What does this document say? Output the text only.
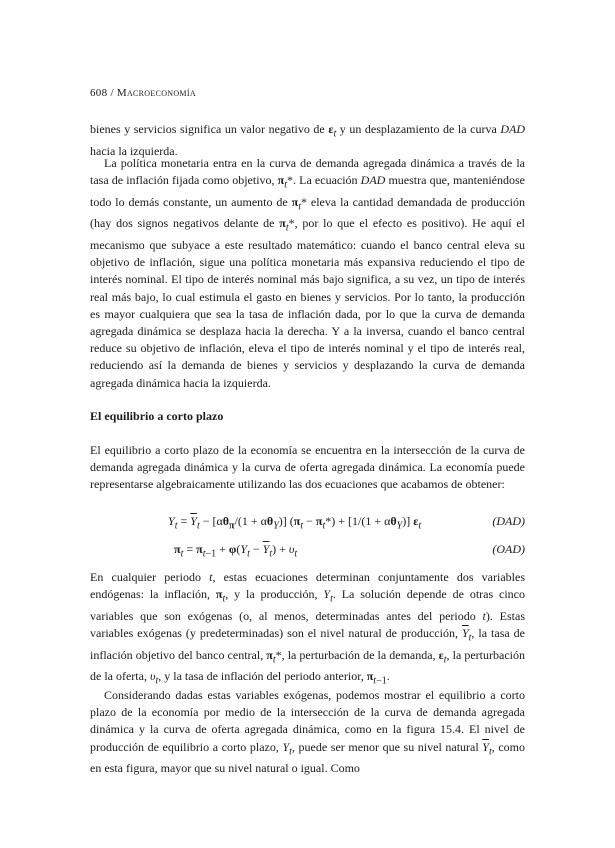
608 / Macroeconomía
bienes y servicios significa un valor negativo de $\varepsilon_t$ y un desplazamiento de la curva DAD hacia la izquierda.
La política monetaria entra en la curva de demanda agregada dinámica a través de la tasa de inflación fijada como objetivo, $\pi_t*$. La ecuación DAD muestra que, manteniéndose todo lo demás constante, un aumento de $\pi_t*$ eleva la cantidad demandada de producción (hay dos signos negativos delante de $\pi_t*$, por lo que el efecto es positivo). He aquí el mecanismo que subyace a este resultado matemático: cuando el banco central eleva su objetivo de inflación, sigue una política monetaria más expansiva reduciendo el tipo de interés nominal. El tipo de interés nominal más bajo significa, a su vez, un tipo de interés real más bajo, lo cual estimula el gasto en bienes y servicios. Por lo tanto, la producción es mayor cualquiera que sea la tasa de inflación dada, por lo que la curva de demanda agregada dinámica se desplaza hacia la derecha. Y a la inversa, cuando el banco central reduce su objetivo de inflación, eleva el tipo de interés nominal y el tipo de interés real, reduciendo así la demanda de bienes y servicios y desplazando la curva de demanda agregada dinámica hacia la izquierda.
El equilibrio a corto plazo
El equilibrio a corto plazo de la economía se encuentra en la intersección de la curva de demanda agregada dinámica y la curva de oferta agregada dinámica. La economía puede representarse algebraicamente utilizando las dos ecuaciones que acabamos de obtener:
$Y_t = \overline{Y}_t - [\alpha\theta_\pi/(1 + \alpha\theta_Y)] (\pi_t - \pi_t*) + [1/(1 + \alpha\theta_Y)]$ $\varepsilon_t$	(DAD)
$\pi_t = \pi_{t-1} + \varphi(Y_t - \overline{Y}_t) + \upsilon_t$	(OAD)
En cualquier periodo t, estas ecuaciones determinan conjuntamente dos variables endógenas: la inflación, $\pi_t$, y la producción, $Y_t$. La solución depende de otras cinco variables que son exógenas (o, al menos, determinadas antes del periodo t). Estas variables exógenas (y predeterminadas) son el nivel natural de producción, $\overline{Y}_t$, la tasa de inflación objetivo del banco central, $\pi_t*$, la perturbación de la demanda, $\varepsilon_t$, la perturbación de la oferta, $\upsilon_t$, y la tasa de inflación del periodo anterior, $\pi_{t-1}$.
Considerando dadas estas variables exógenas, podemos mostrar el equilibrio a corto plazo de la economía por medio de la intersección de la curva de demanda agregada dinámica y la curva de oferta agregada dinámica, como en la figura 15.4. El nivel de producción de equilibrio a corto plazo, $Y_t$, puede ser menor que su nivel natural $\overline{Y}_t$, como en esta figura, mayor que su nivel natural o igual. Como
